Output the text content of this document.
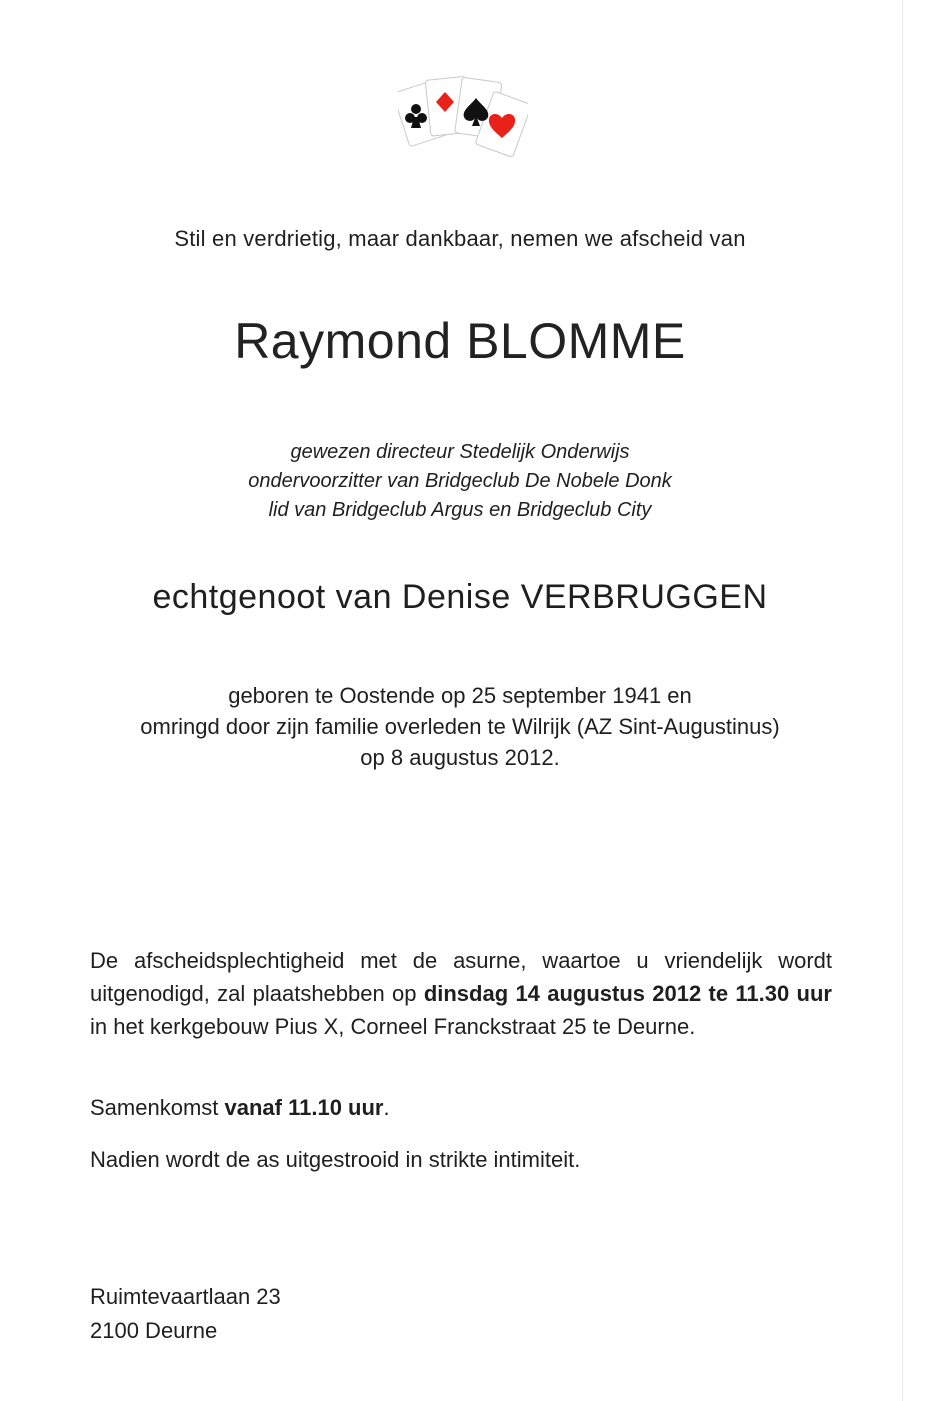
Stil en verdrietig, maar dankbaar, nemen we afscheid van
Raymond BLOMME
gewezen directeur Stedelijk Onderwijs
ondervoorzitter van Bridgeclub De Nobele Donk
lid van Bridgeclub Argus en Bridgeclub City
echtgenoot van Denise VERBRUGGEN
geboren te Oostende op 25 september 1941 en
omringd door zijn familie overleden te Wilrijk (AZ Sint-Augustinus)
op 8 augustus 2012.
De afscheidsplechtigheid met de asurne, waartoe u vriendelijk wordt uitgenodigd, zal plaatshebben op dinsdag 14 augustus 2012 te 11.30 uur in het kerkgebouw Pius X, Corneel Franckstraat 25 te Deurne.
Samenkomst vanaf 11.10 uur.
Nadien wordt de as uitgestrooid in strikte intimiteit.
Ruimtevaartlaan 23
2100 Deurne
